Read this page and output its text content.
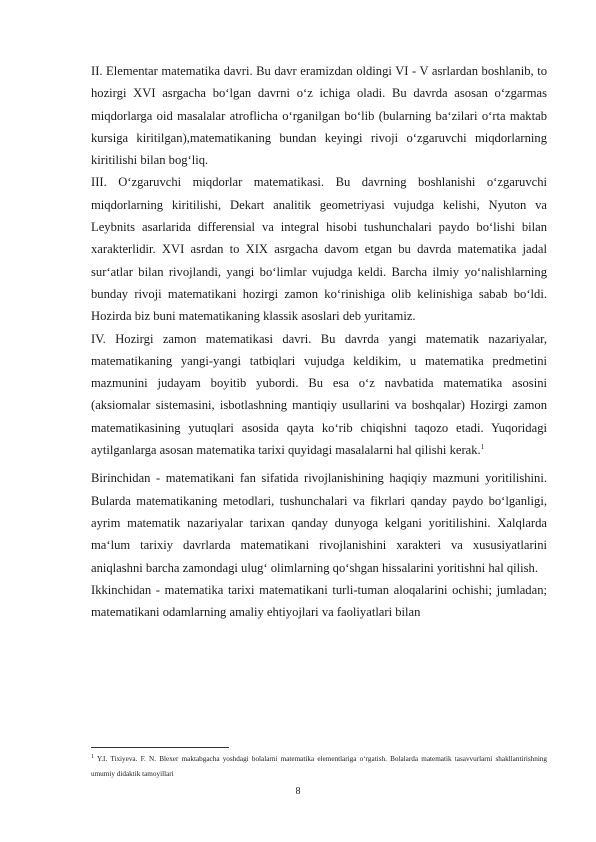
II. Elementar matematika davri. Bu davr eramizdan oldingi VI - V asrlardan boshlanib, to hozirgi XVI asrgacha bo‘lgan davrni o‘z ichiga oladi. Bu davrda asosan o‘zgarmas miqdorlarga oid masalalar atroflicha o‘rganilgan bo‘lib (bularning ba‘zilari o‘rta maktab kursiga kiritilgan),matematikaning bundan keyingi rivoji o‘zgaruvchi miqdorlarning kiritilishi bilan bog‘liq.

III. O‘zgaruvchi miqdorlar matematikasi. Bu davrning boshlanishi o‘zgaruvchi miqdorlarning kiritilishi, Dekart analitik geometriyasi vujudga kelishi, Nyuton va Leybnits asarlarida differensial va integral hisobi tushunchalari paydo bo‘lishi bilan xarakterlidir. XVI asrdan to XIX asrgacha davom etgan bu davrda matematika jadal sur‘atlar bilan rivojlandi, yangi bo‘limlar vujudga keldi. Barcha ilmiy yo‘nalishlarning bunday rivoji matematikani hozirgi zamon ko‘rinishiga olib kelinishiga sabab bo‘ldi. Hozirda biz buni matematikaning klassik asoslari deb yuritamiz.

IV. Hozirgi zamon matematikasi davri. Bu davrda yangi matematik nazariyalar, matematikaning yangi-yangi tatbiqlari vujudga keldikim, u matematika predmetini mazmunini judayam boyitib yubordi. Bu esa o‘z navbatida matematika asosini (aksiomalar sistemasini, isbotlashning mantiqiy usullarini va boshqalar) Hozirgi zamon matematikasining yutuqlari asosida qayta ko‘rib chiqishni taqozo etadi. Yuqoridagi aytilganlarga asosan matematika tarixi quyidagi masalalarni hal qilishi kerak.$^1$

Birinchidan - matematikani fan sifatida rivojlanishining haqiqiy mazmuni yoritilishini. Bularda matematikaning metodlari, tushunchalari va fikrlari qanday paydo bo‘lganligi, ayrim matematik nazariyalar tarixan qanday dunyoga kelgani yoritilishini. Xalqlarda ma‘lum tarixiy davrlarda matematikani rivojlanishini xarakteri va xususiyatlarini aniqlashni barcha zamondagi ulug‘ olimlarning qo‘shgan hissalarini yoritishni hal qilish.

Ikkinchidan - matematika tarixi matematikani turli-tuman aloqalarini ochishi; jumladan; matematikani odamlarning amaliy ehtiyojlari va faoliyatlari bilan

$^1$ Y.I. Tixiyeva. F. N. Blexer maktabgacha yoshdagi bolalarni matematika elementlariga o‘rgatish. Bolalarda matematik tasavvurlarni shakllantirishning umumiy didaktik tamoyillari
8
